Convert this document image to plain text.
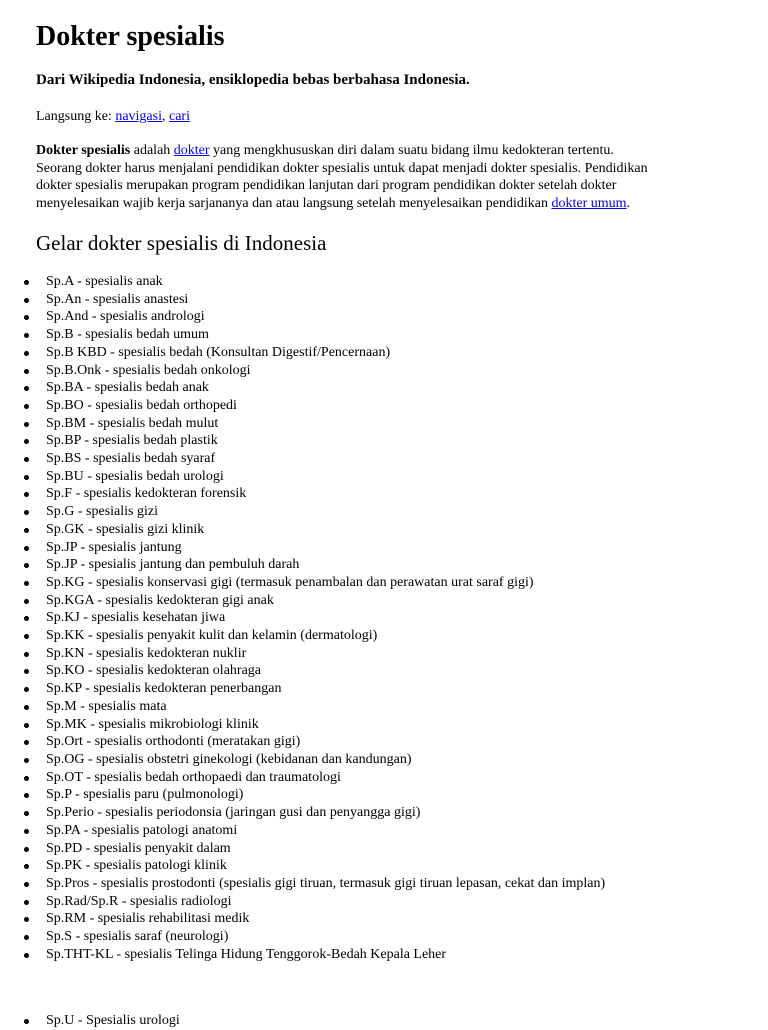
Dokter spesialis

Dari Wikipedia Indonesia, ensiklopedia bebas berbahasa Indonesia.

Langsung ke: navigasi, cari

Dokter spesialis adalah dokter yang mengkhususkan diri dalam suatu bidang ilmu kedokteran tertentu.
Seorang dokter harus menjalani pendidikan dokter spesialis untuk dapat menjadi dokter spesialis. Pendidikan
dokter spesialis merupakan program pendidikan lanjutan dari program pendidikan dokter setelah dokter
menyelesaikan wajib kerja sarjananya dan atau langsung setelah menyelesaikan pendidikan dokter umum.

Gelar dokter spesialis di Indonesia
Sp.A - spesialis anak
Sp.An - spesialis anastesi
Sp.And - spesialis andrologi
Sp.B - spesialis bedah umum
Sp.B KBD - spesialis bedah (Konsultan Digestif/Pencernaan)
Sp.B.Onk - spesialis bedah onkologi
Sp.BA - spesialis bedah anak
Sp.BO - spesialis bedah orthopedi
Sp.BM - spesialis bedah mulut
Sp.BP - spesialis bedah plastik
Sp.BS - spesialis bedah syaraf
Sp.BU - spesialis bedah urologi
Sp.F - spesialis kedokteran forensik
Sp.G - spesialis gizi
Sp.GK - spesialis gizi klinik
Sp.JP - spesialis jantung
Sp.JP - spesialis jantung dan pembuluh darah
Sp.KG - spesialis konservasi gigi (termasuk penambalan dan perawatan urat saraf gigi)
Sp.KGA - spesialis kedokteran gigi anak
Sp.KJ - spesialis kesehatan jiwa
Sp.KK - spesialis penyakit kulit dan kelamin (dermatologi)
Sp.KN - spesialis kedokteran nuklir
Sp.KO - spesialis kedokteran olahraga
Sp.KP - spesialis kedokteran penerbangan
Sp.M - spesialis mata
Sp.MK - spesialis mikrobiologi klinik
Sp.Ort - spesialis orthodonti (meratakan gigi)
Sp.OG - spesialis obstetri ginekologi (kebidanan dan kandungan)
Sp.OT - spesialis bedah orthopaedi dan traumatologi
Sp.P - spesialis paru (pulmonologi)
Sp.Perio - spesialis periodonsia (jaringan gusi dan penyangga gigi)
Sp.PA - spesialis patologi anatomi
Sp.PD - spesialis penyakit dalam
Sp.PK - spesialis patologi klinik
Sp.Pros - spesialis prostodonti (spesialis gigi tiruan, termasuk gigi tiruan lepasan, cekat dan implan)
Sp.Rad/Sp.R - spesialis radiologi
Sp.RM - spesialis rehabilitasi medik
Sp.S - spesialis saraf (neurologi)
Sp.THT-KL - spesialis Telinga Hidung Tenggorok-Bedah Kepala Leher
Sp.U - Spesialis urologi
